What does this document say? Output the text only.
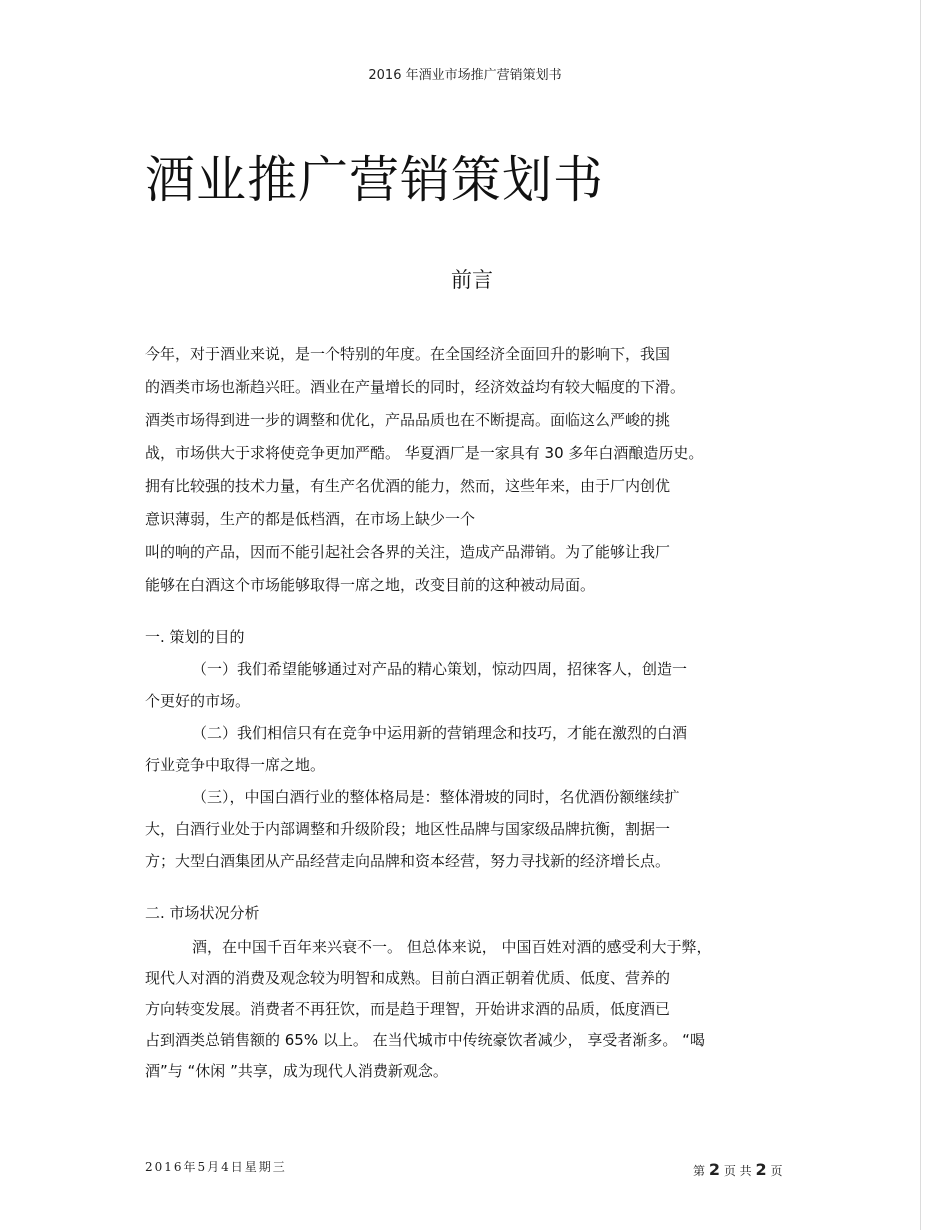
2016 年酒业市场推广营销策划书
酒业推广营销策划书
前言
今年，对于酒业来说，是一个特别的年度。在全国经济全面回升的影响下，我国
的酒类市场也渐趋兴旺。酒业在产量增长的同时，经济效益均有较大幅度的下滑。
酒类市场得到进一步的调整和优化，产品品质也在不断提高。面临这么严峻的挑
战，市场供大于求将使竞争更加严酷。 华夏酒厂是一家具有 30 多年白酒酿造历史。
拥有比较强的技术力量，有生产名优酒的能力，然而，这些年来，由于厂内创优
意识薄弱，生产的都是低档酒，在市场上缺少一个
叫的响的产品，因而不能引起社会各界的关注，造成产品滞销。为了能够让我厂
能够在白酒这个市场能够取得一席之地，改变目前的这种被动局面。
一. 策划的目的
（一）我们希望能够通过对产品的精心策划，惊动四周，招徕客人，创造一
个更好的市场。
（二）我们相信只有在竞争中运用新的营销理念和技巧，才能在激烈的白酒
行业竞争中取得一席之地。
（三），中国白酒行业的整体格局是：整体滑坡的同时，名优酒份额继续扩
大，白酒行业处于内部调整和升级阶段；地区性品牌与国家级品牌抗衡，割据一
方；大型白酒集团从产品经营走向品牌和资本经营，努力寻找新的经济增长点。
二. 市场状况分析
酒，在中国千百年来兴衰不一。 但总体来说， 中国百姓对酒的感受利大于弊，
现代人对酒的消费及观念较为明智和成熟。目前白酒正朝着优质、低度、营养的
方向转变发展。消费者不再狂饮，而是趋于理智，开始讲求酒的品质，低度酒已
占到酒类总销售额的 65% 以上。 在当代城市中传统豪饮者减少， 享受者渐多。 “喝
酒”与 “休闲 ”共享，成为现代人消费新观念。
2016年5月4日星期三	第 2 页 共 2 页
